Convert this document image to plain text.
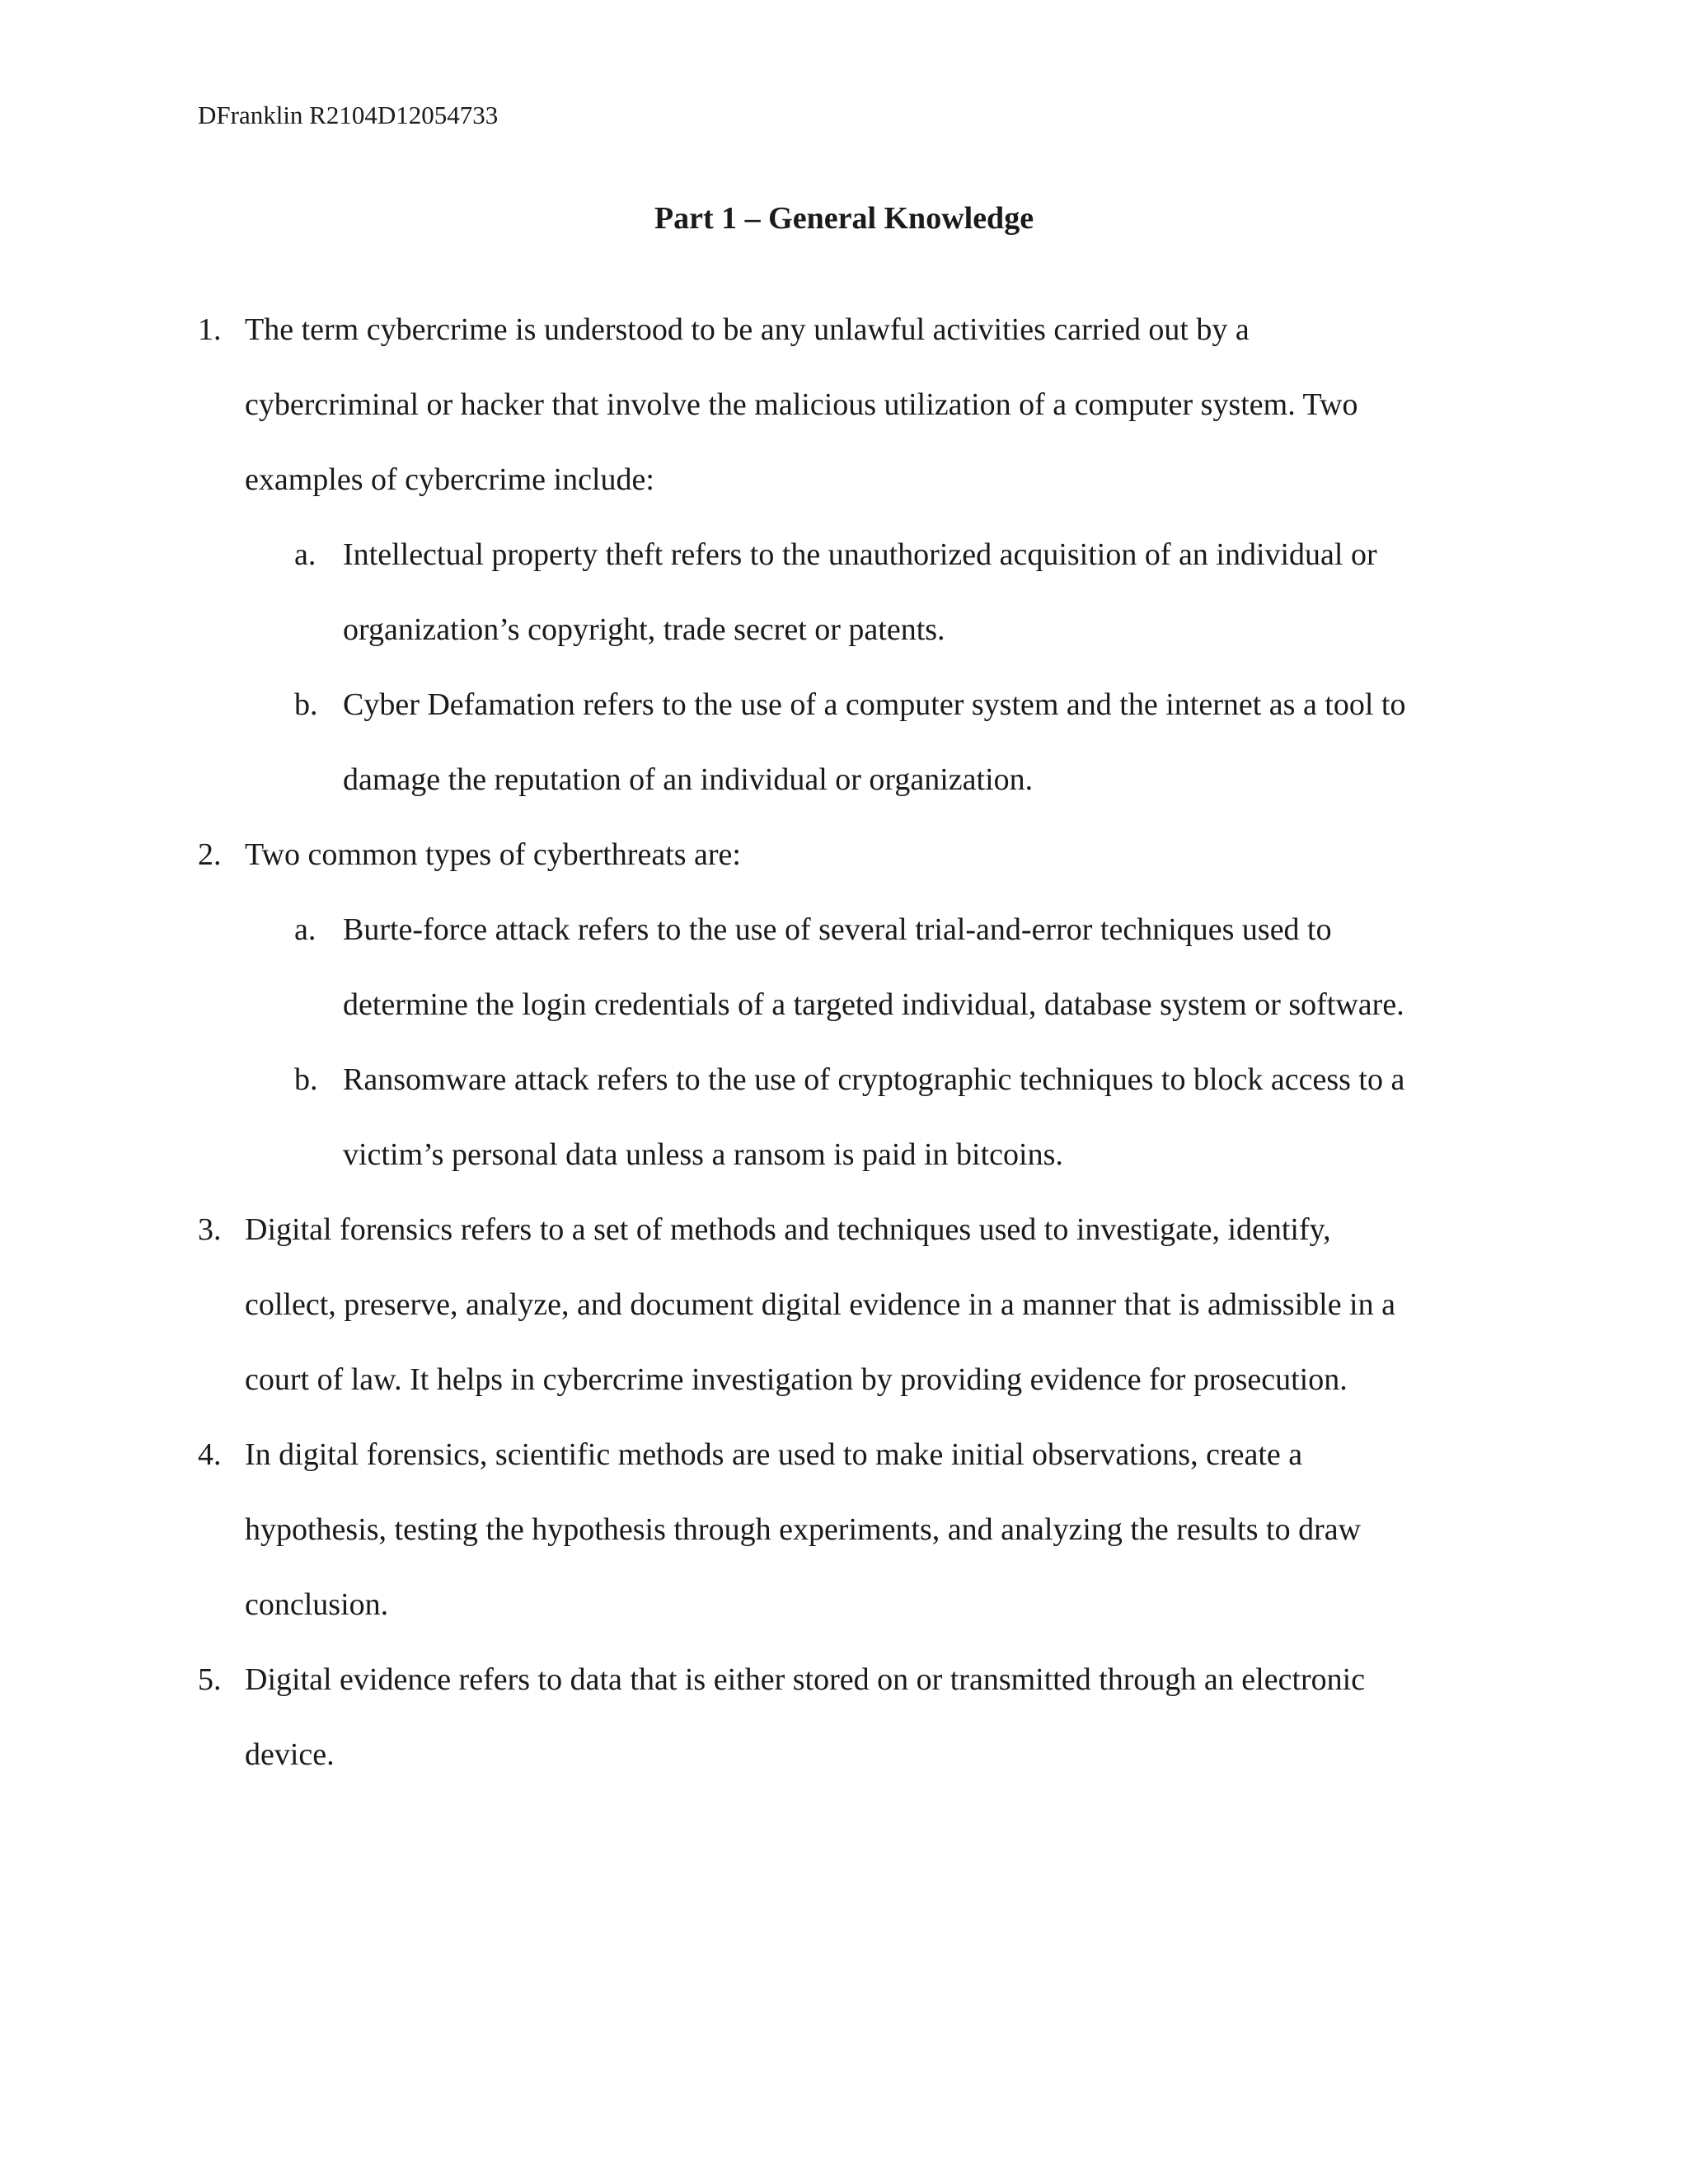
DFranklin R2104D12054733
Part 1 – General Knowledge
1. The term cybercrime is understood to be any unlawful activities carried out by a
cybercriminal or hacker that involve the malicious utilization of a computer system. Two
examples of cybercrime include:
a. Intellectual property theft refers to the unauthorized acquisition of an individual or
organization’s copyright, trade secret or patents.
b. Cyber Defamation refers to the use of a computer system and the internet as a tool to
damage the reputation of an individual or organization.
2. Two common types of cyberthreats are:
a. Burte-force attack refers to the use of several trial-and-error techniques used to
determine the login credentials of a targeted individual, database system or software.
b. Ransomware attack refers to the use of cryptographic techniques to block access to a
victim’s personal data unless a ransom is paid in bitcoins.
3. Digital forensics refers to a set of methods and techniques used to investigate, identify,
collect, preserve, analyze, and document digital evidence in a manner that is admissible in a
court of law. It helps in cybercrime investigation by providing evidence for prosecution.
4. In digital forensics, scientific methods are used to make initial observations, create a
hypothesis, testing the hypothesis through experiments, and analyzing the results to draw
conclusion.
5. Digital evidence refers to data that is either stored on or transmitted through an electronic
device.
